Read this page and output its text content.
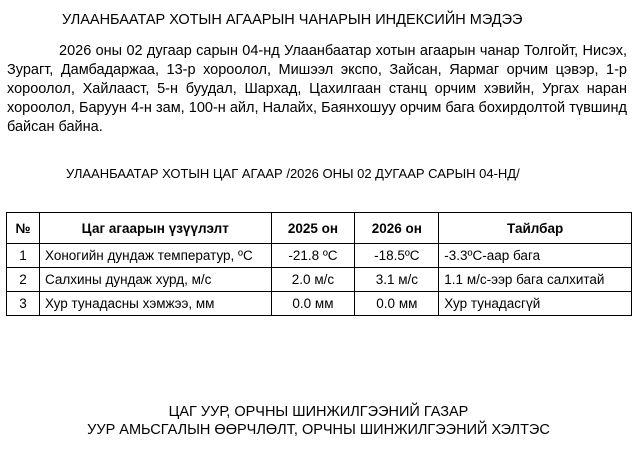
УЛААНБААТАР ХОТЫН АГААРЫН ЧАНАРЫН ИНДЕКСИЙН МЭДЭЭ
2026 оны 02 дугаар сарын 04-нд Улаанбаатар хотын агаарын чанар Толгойт, Нисэх, Зурагт, Дамбадаржаа, 13-р хороолол, Мишээл экспо, Зайсан, Яармаг орчим цэвэр, 1-р хороолол, Хайлааст, 5-н буудал, Шархад, Цахилгаан станц орчим хэвийн, Ургах наран хороолол, Баруун 4-н зам, 100-н айл, Налайх, Баянхошуу орчим бага бохирдолтой түвшинд байсан байна.
УЛААНБААТАР ХОТЫН ЦАГ АГААР /2026 ОНЫ 02 ДУГААР САРЫН 04-НД/
№	Цаг агаарын үзүүлэлт	2025 он	2026 он	Тайлбар
1	Хоногийн дундаж температур, ºС	-21.8 ºС	-18.5ºС	-3.3ºС-аар бага
2	Салхины дундаж хурд, м/с	2.0 м/с	3.1 м/с	1.1 м/с-ээр бага салхитай
3	Хур тунадасны хэмжээ, мм	0.0 мм	0.0 мм	Хур тунадасгүй
ЦАГ УУР, ОРЧНЫ ШИНЖИЛГЭЭНИЙ ГАЗАР
УУР АМЬСГАЛЫН ӨӨРЧЛӨЛТ, ОРЧНЫ ШИНЖИЛГЭЭНИЙ ХЭЛТЭС
